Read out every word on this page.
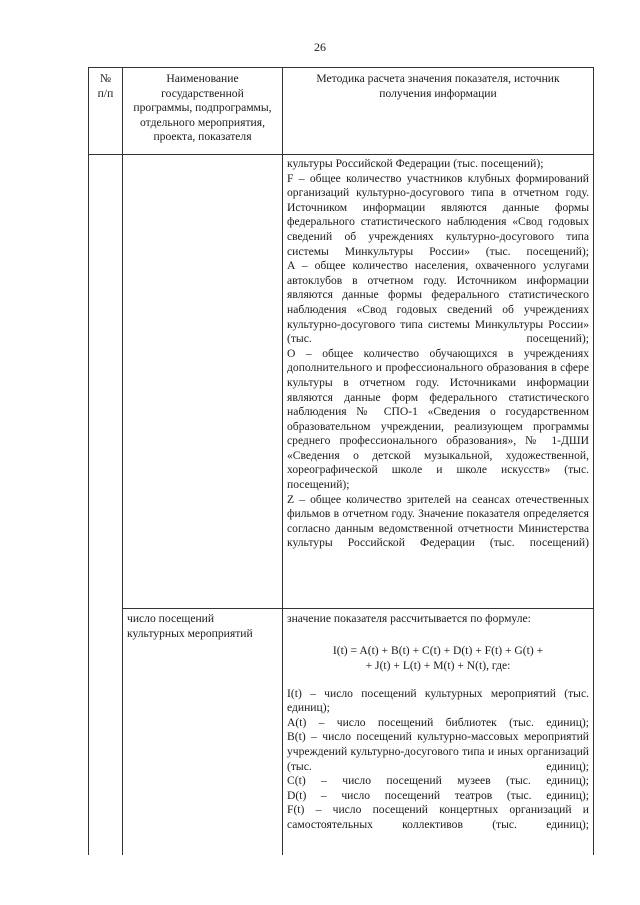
26
№
п/п
Наименование
государственной
программы, подпрограммы,
отдельного мероприятия,
проекта, показателя
Методика расчета значения показателя, источник
получения информации
культуры Российской Федерации (тыс. посещений);
F – общее количество участников клубных формирований организаций культурно-досугового типа в отчетном году. Источником информации являются данные формы федерального статистического наблюдения «Свод годовых сведений об учреждениях культурно-досугового типа системы Минкультуры России» (тыс. посещений);
A – общее количество населения, охваченного услугами автоклубов в отчетном году. Источником информации являются данные формы федерального статистического наблюдения «Свод годовых сведений об учреждениях культурно-досугового типа системы Минкультуры России» (тыс. посещений);
O – общее количество обучающихся в учреждениях дополнительного и профессионального образования в сфере культуры в отчетном году. Источниками информации являются данные форм федерального статистического наблюдения № СПО-1 «Сведения о государственном образовательном учреждении, реализующем программы среднего профессионального образования», № 1-ДШИ «Сведения о детской музыкальной, художественной, хореографической школе и школе искусств» (тыс. посещений);
Z – общее количество зрителей на сеансах отечественных фильмов в отчетном году. Значение показателя определяется согласно данным ведомственной отчетности Министерства культуры Российской Федерации (тыс. посещений)
число посещений
культурных мероприятий
значение показателя рассчитывается по формуле:
I(t) = A(t) + B(t) + C(t) + D(t) + F(t) + G(t) +
+ J(t) + L(t) + M(t) + N(t), где:
I(t) – число посещений культурных мероприятий (тыс. единиц);
A(t) – число посещений библиотек (тыс. единиц);
B(t) – число посещений культурно-массовых мероприятий учреждений культурно-досугового типа и иных организаций (тыс. единиц);
C(t) – число посещений музеев (тыс. единиц);
D(t) – число посещений театров (тыс. единиц);
F(t) – число посещений концертных организаций и самостоятельных коллективов (тыс. единиц);
